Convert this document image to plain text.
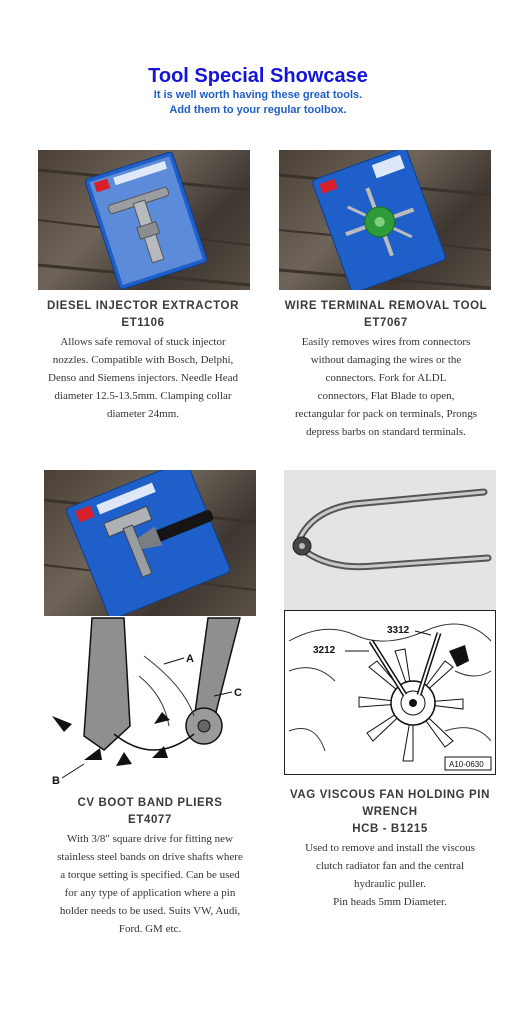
Tool Special Showcase
It is well worth having these great tools.
Add them to your regular toolbox.
DIESEL INJECTOR EXTRACTOR
ET1106
Allows safe removal of stuck injector
nozzles. Compatible with Bosch, Delphi,
Denso and Siemens injectors. Needle Head
diameter 12.5-13.5mm. Clamping collar
diameter 24mm.
WIRE TERMINAL REMOVAL TOOL
ET7067
Easily removes wires from connectors
without damaging the wires or the
connectors. Fork for ALDL
connectors, Flat Blade to open,
rectangular for pack on terminals, Prongs
depress barbs on standard terminals.
A
B
C
3312
3212
A10-0630
CV BOOT BAND PLIERS
ET4077
With 3/8" square drive for fitting new
stainless steel bands on drive shafts where
a torque setting is specified. Can be used
for any type of application where a pin
holder needs to be used. Suits VW, Audi,
Ford. GM etc.
VAG VISCOUS FAN HOLDING PIN
WRENCH
HCB - B1215
Used to remove and install the viscous
clutch radiator fan and the central
hydraulic puller.
Pin heads 5mm Diameter.
